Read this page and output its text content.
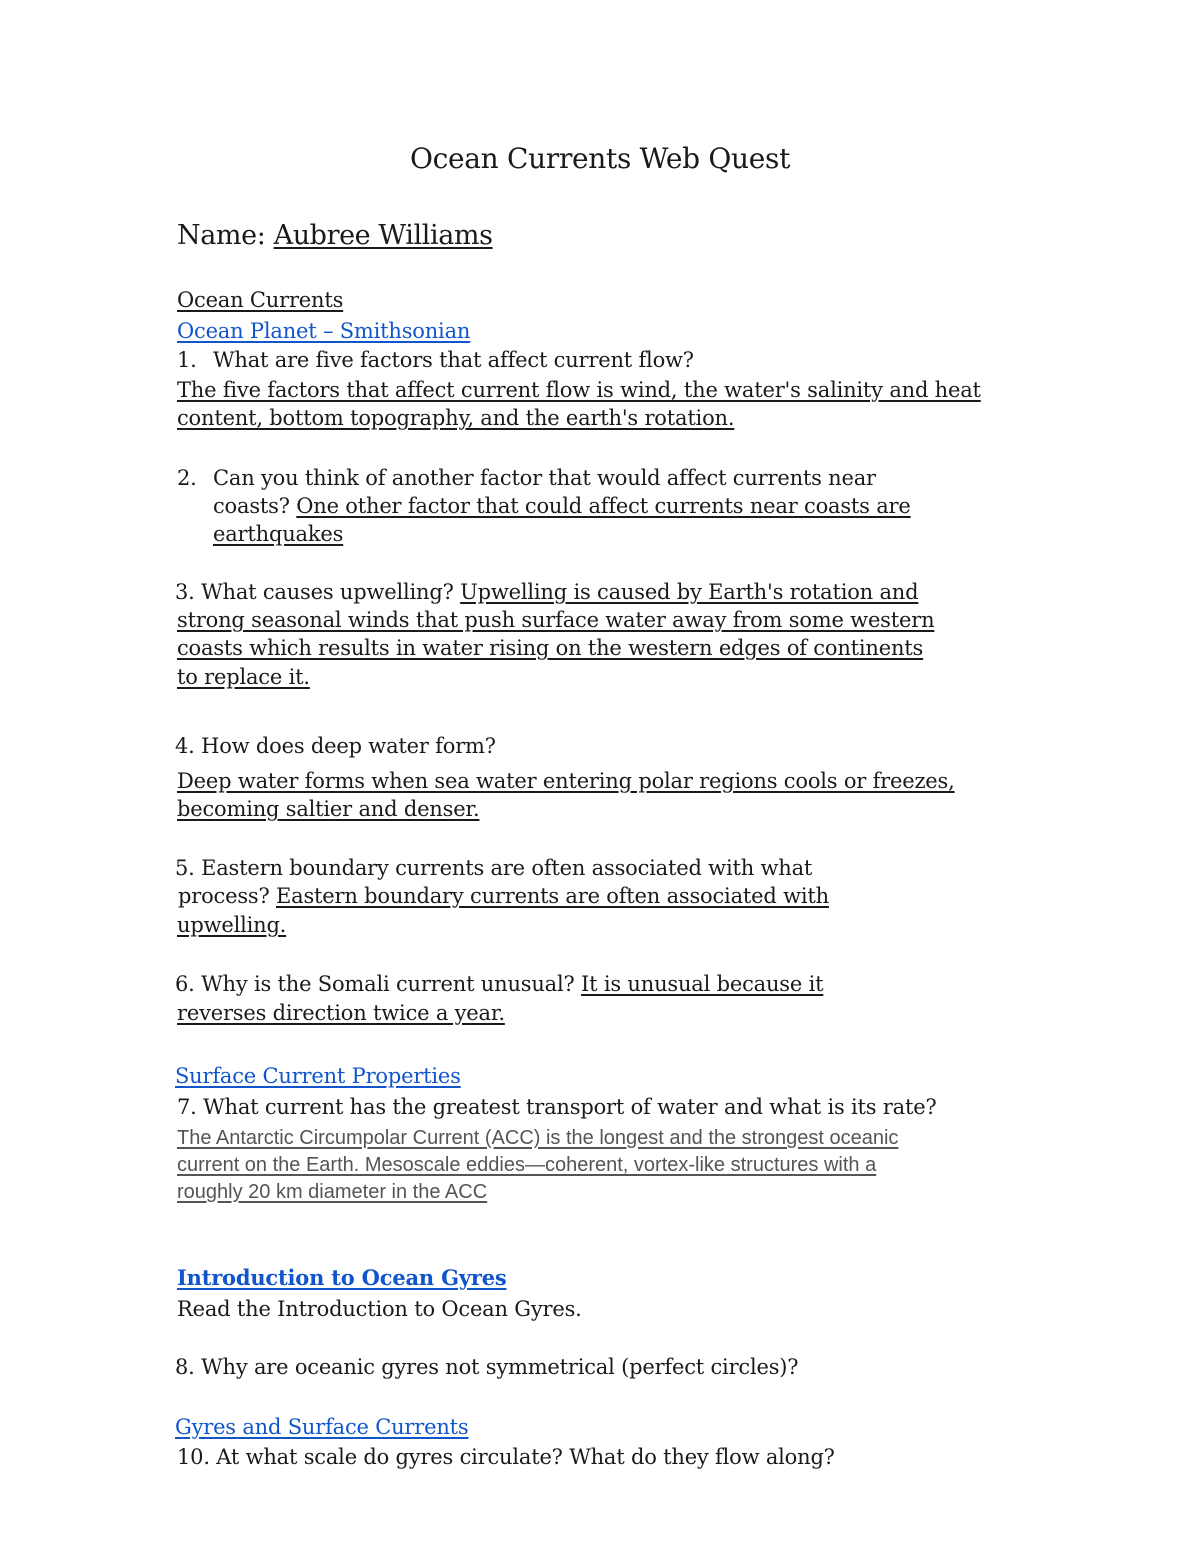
Ocean Currents Web Quest
Name: Aubree Williams
Ocean Currents
Ocean Planet – Smithsonian
1. What are five factors that affect current flow?
The five factors that affect current flow is wind, the water's salinity and heat
content, bottom topography, and the earth's rotation.
2. Can you think of another factor that would affect currents near
coasts? One other factor that could affect currents near coasts are
earthquakes
3. What causes upwelling? Upwelling is caused by Earth's rotation and
strong seasonal winds that push surface water away from some western
coasts which results in water rising on the western edges of continents
to replace it.
4. How does deep water form?
Deep water forms when sea water entering polar regions cools or freezes,
becoming saltier and denser.
5. Eastern boundary currents are often associated with what
process? Eastern boundary currents are often associated with
upwelling.
6. Why is the Somali current unusual? It is unusual because it
reverses direction twice a year.
Surface Current Properties
7. What current has the greatest transport of water and what is its rate?
The Antarctic Circumpolar Current (ACC) is the longest and the strongest oceanic
current on the Earth. Mesoscale eddies—coherent, vortex-like structures with a
roughly 20 km diameter in the ACC
Introduction to Ocean Gyres
Read the Introduction to Ocean Gyres.
8. Why are oceanic gyres not symmetrical (perfect circles)?
Gyres and Surface Currents
10. At what scale do gyres circulate? What do they flow along?
